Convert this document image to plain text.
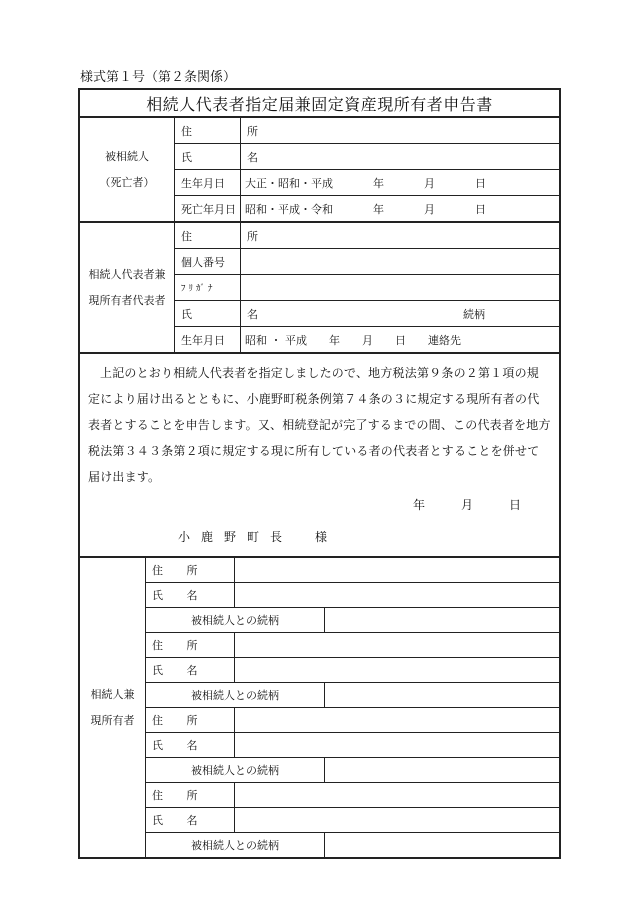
様式第１号（第２条関係）
相続人代表者指定届兼固定資産現所有者申告書
被相続人
（死亡者）	住　所	
	氏　名	
	生年月日	大正・昭和・平成 年 月 日
	死亡年月日	昭和・平成・令和 年 月 日
相続人代表者兼
現所有者代表者	住　所	
	個人番号	
	ﾌﾘｶﾞﾅ	
	氏　名	続柄

	生年月日	昭和 ・ 平成 年 月 日 連絡先

上記のとおり相続人代表者を指定しましたので、地方税法第９条の２第１項の規定により届け出るとともに、小鹿野町税条例第７４条の３に規定する現所有者の代表者とすることを申告します。又、相続登記が完了するまでの間、この代表者を地方税法第３４３条第２項に規定する現に所有している者の代表者とすることを併せて届け出ます。

年	月	日
小鹿野町長 様
相続人兼
現所有者	住 所		
	氏 名		
	被相続人との続柄		
	住 所		
	氏 名		
	被相続人との続柄		
	住 所		
	氏 名		
	被相続人との続柄		
	住 所		
	氏 名		
	被相続人との続柄		
